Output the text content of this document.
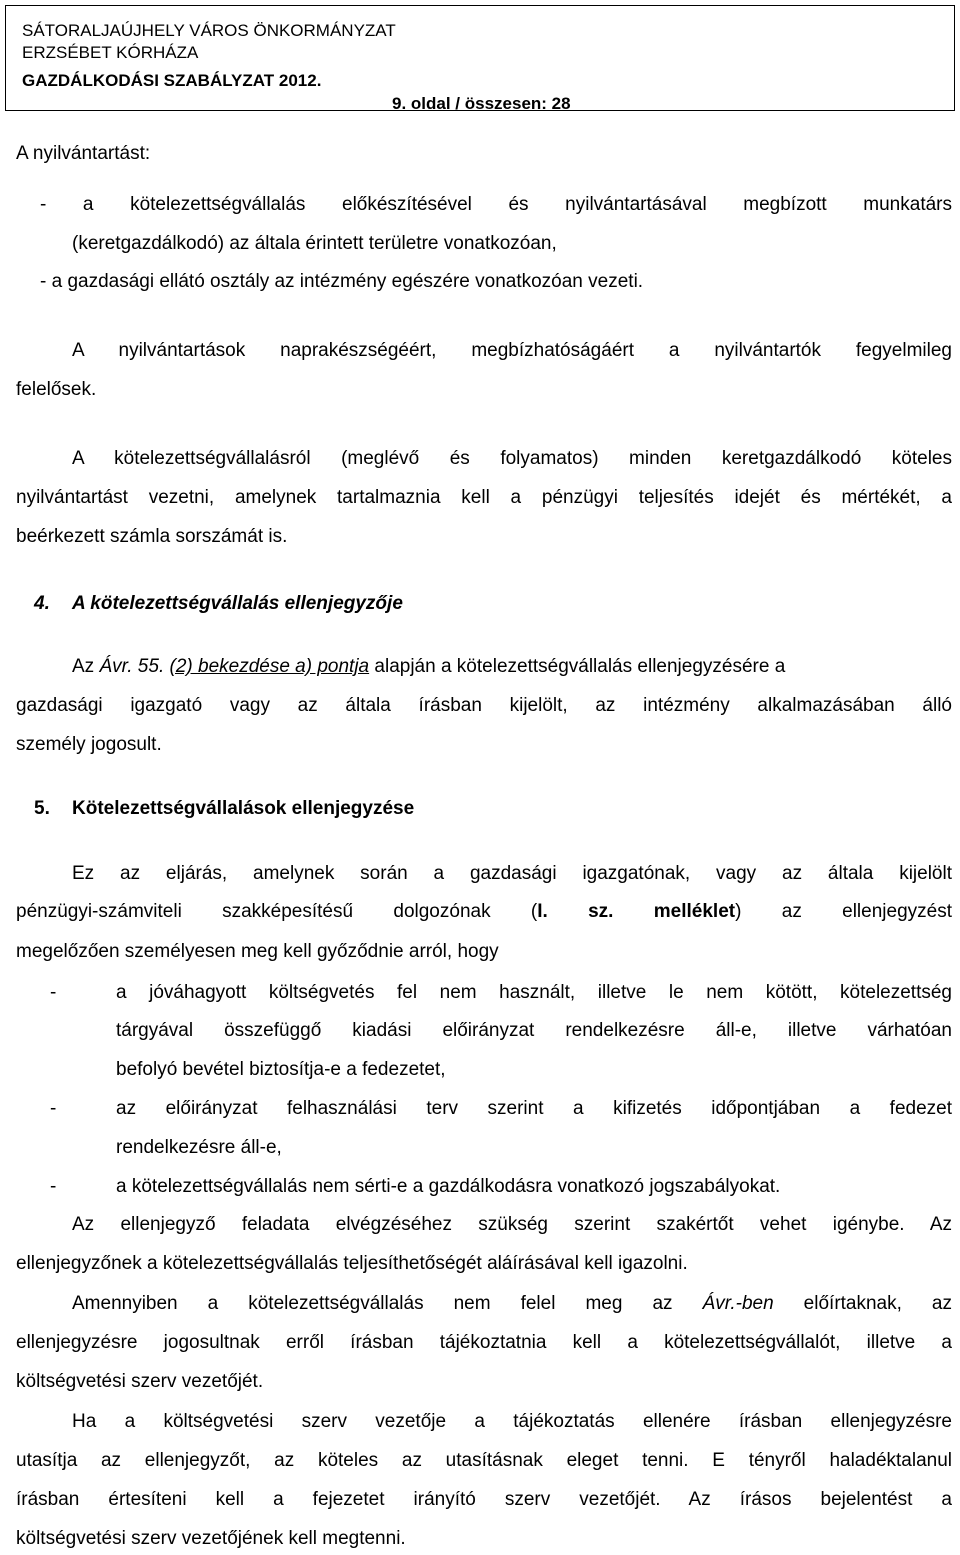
SÁTORALJAÚJHELY VÁROS ÖNKORMÁNYZAT
ERZSÉBET KÓRHÁZA
GAZDÁLKODÁSI SZABÁLYZAT 2012.
9. oldal / összesen: 28
A nyilvántartást:
- a kötelezettségvállalás előkészítésével és nyilvántartásával megbízott munkatárs
(keretgazdálkodó) az általa érintett területre vonatkozóan,
- a gazdasági ellátó osztály az intézmény egészére vonatkozóan vezeti.
A nyilvántartások naprakészségéért, megbízhatóságáért a nyilvántartók fegyelmileg
felelősek.
A kötelezettségvállalásról (meglévő és folyamatos) minden keretgazdálkodó köteles
nyilvántartást vezetni, amelynek tartalmaznia kell a pénzügyi teljesítés idejét és mértékét, a
beérkezett számla sorszámát is.
4. A kötelezettségvállalás ellenjegyzője
Az Ávr. 55. (2) bekezdése a) pontja alapján a kötelezettségvállalás ellenjegyzésére a
gazdasági igazgató vagy az általa írásban kijelölt, az intézmény alkalmazásában álló
személy jogosult.
5. Kötelezettségvállalások ellenjegyzése
Ez az eljárás, amelynek során a gazdasági igazgatónak, vagy az általa kijelölt
pénzügyi-számviteli szakképesítésű dolgozónak (I. sz. melléklet) az ellenjegyzést
megelőzően személyesen meg kell győződnie arról, hogy
-	a jóváhagyott költségvetés fel nem használt, illetve le nem kötött, kötelezettség
tárgyával összefüggő kiadási előirányzat rendelkezésre áll-e, illetve várhatóan
befolyó bevétel biztosítja-e a fedezetet,
-	az előirányzat felhasználási terv szerint a kifizetés időpontjában a fedezet
rendelkezésre áll-e,
-	a kötelezettségvállalás nem sérti-e a gazdálkodásra vonatkozó jogszabályokat.
Az ellenjegyző feladata elvégzéséhez szükség szerint szakértőt vehet igénybe. Az
ellenjegyzőnek a kötelezettségvállalás teljesíthetőségét aláírásával kell igazolni.
Amennyiben a kötelezettségvállalás nem felel meg az Ávr.-ben előírtaknak, az
ellenjegyzésre jogosultnak erről írásban tájékoztatnia kell a kötelezettségvállalót, illetve a
költségvetési szerv vezetőjét.
Ha a költségvetési szerv vezetője a tájékoztatás ellenére írásban ellenjegyzésre
utasítja az ellenjegyzőt, az köteles az utasításnak eleget tenni. E tényről haladéktalanul
írásban értesíteni kell a fejezetet irányító szerv vezetőjét. Az írásos bejelentést a
költségvetési szerv vezetőjének kell megtenni.
